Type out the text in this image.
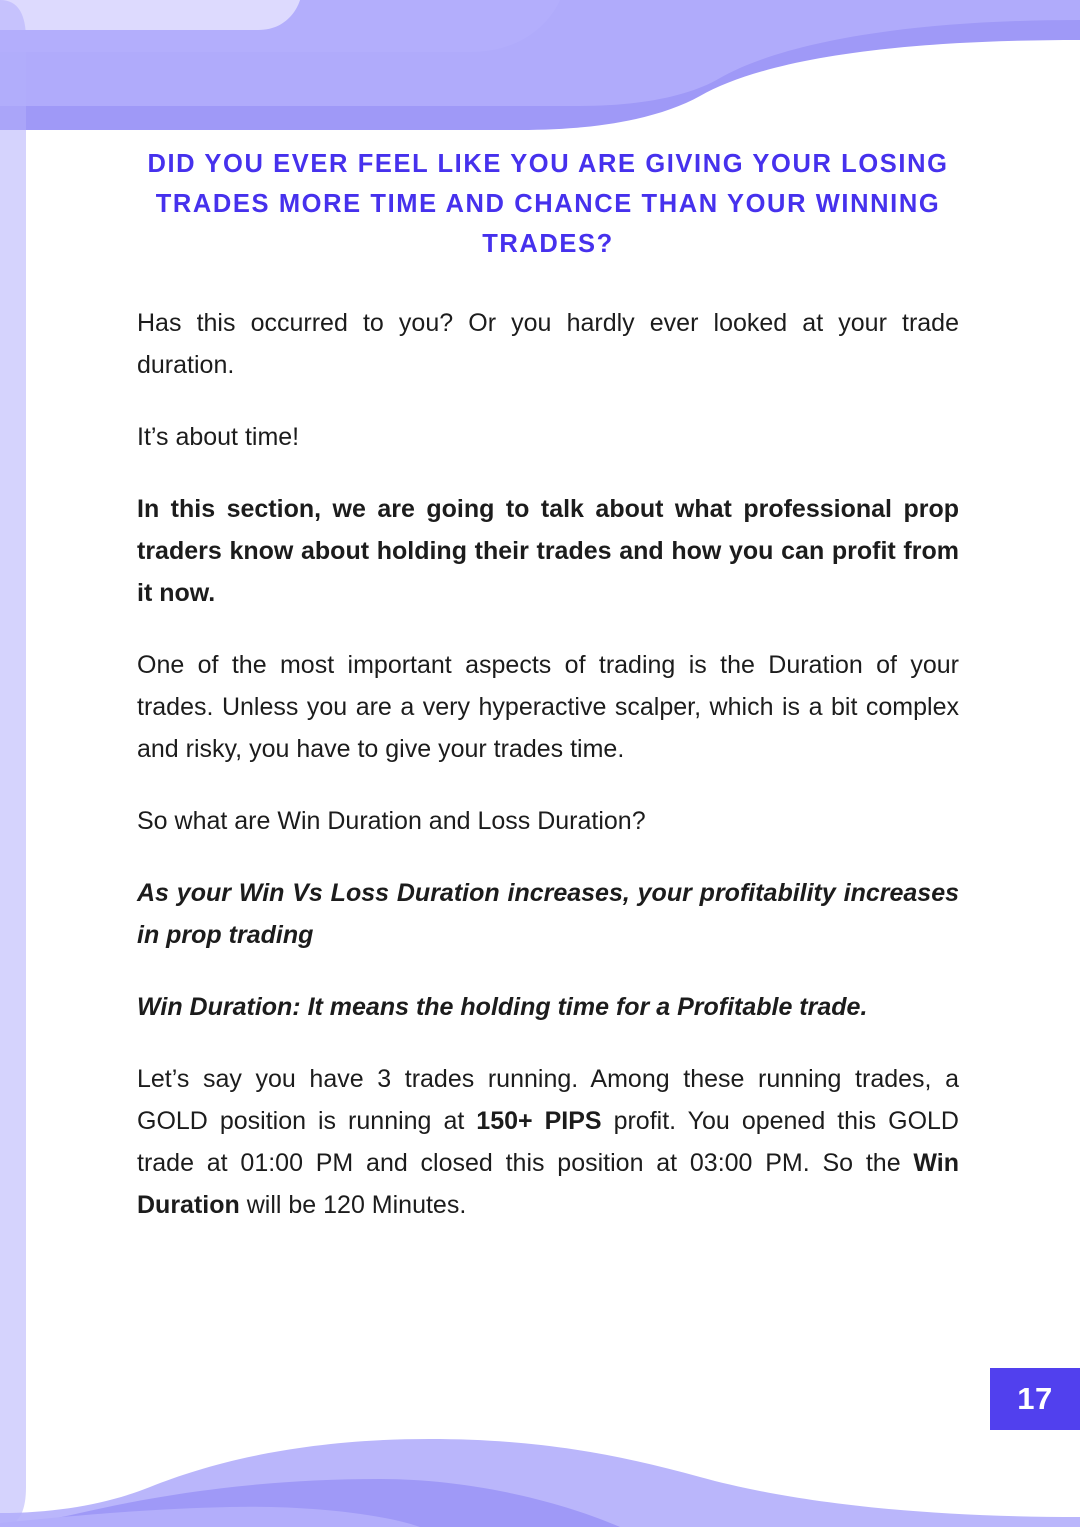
DID YOU EVER FEEL LIKE YOU ARE GIVING YOUR LOSING TRADES MORE TIME AND CHANCE THAN YOUR WINNING TRADES?

Has this occurred to you? Or you hardly ever looked at your trade duration.

It’s about time!

In this section, we are going to talk about what professional prop traders know about holding their trades and how you can profit from it now.

One of the most important aspects of trading is the Duration of your trades. Unless you are a very hyperactive scalper, which is a bit complex and risky, you have to give your trades time.

So what are Win Duration and Loss Duration?

As your Win Vs Loss Duration increases, your profitability increases in prop trading

Win Duration: It means the holding time for a Profitable trade.

Let’s say you have 3 trades running. Among these running trades, a GOLD position is running at 150+ PIPS profit. You opened this GOLD trade at 01:00 PM and closed this position at 03:00 PM. So the Win Duration will be 120 Minutes.

17
